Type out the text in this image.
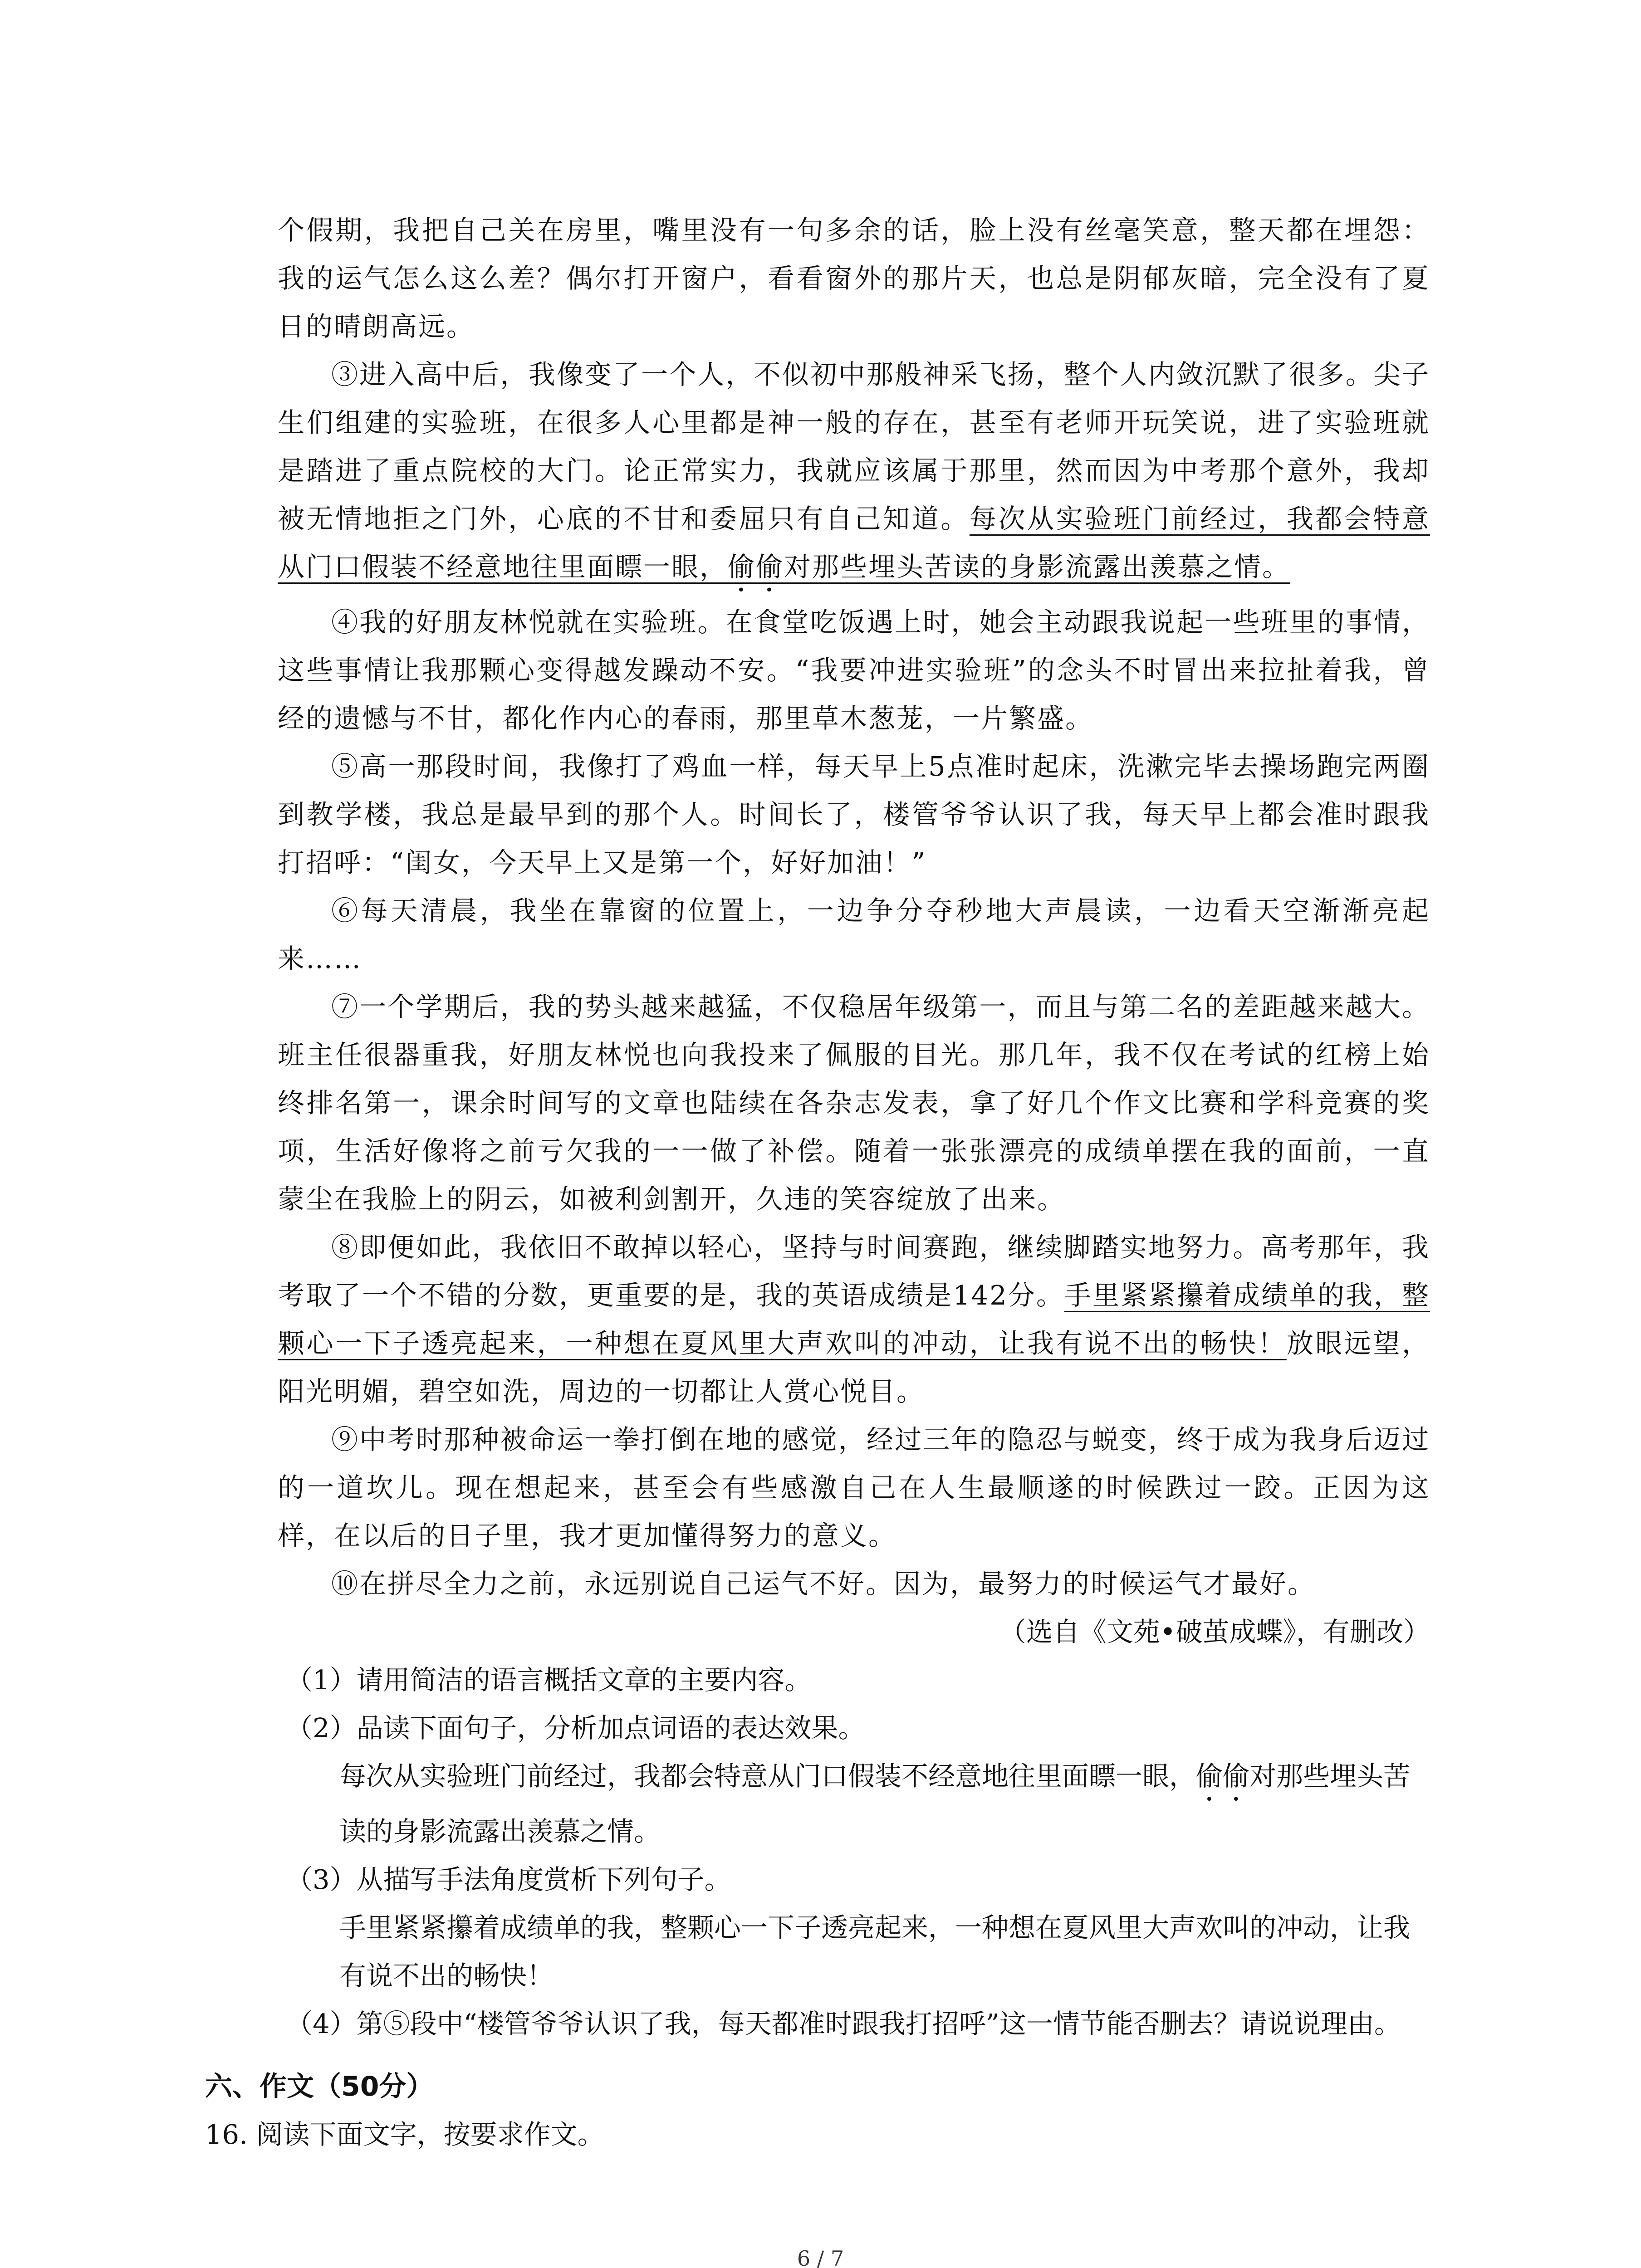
个假期，我把自己关在房里，嘴里没有一句多余的话，脸上没有丝毫笑意，整天都在埋怨：我的运气怎么这么差？偶尔打开窗户，看看窗外的那片天，也总是阴郁灰暗，完全没有了夏日的晴朗高远。

③进入高中后，我像变了一个人，不似初中那般神采飞扬，整个人内敛沉默了很多。尖子生们组建的实验班，在很多人心里都是神一般的存在，甚至有老师开玩笑说，进了实验班就是踏进了重点院校的大门。论正常实力，我就应该属于那里，然而因为中考那个意外，我却被无情地拒之门外，心底的不甘和委屈只有自己知道。每次从实验班门前经过，我都会特意从门口假装不经意地往里面瞟一眼，偷偷对那些埋头苦读的身影流露出羡慕之情。

④我的好朋友林悦就在实验班。在食堂吃饭遇上时，她会主动跟我说起一些班里的事情，这些事情让我那颗心变得越发躁动不安。“我要冲进实验班”的念头不时冒出来拉扯着我，曾经的遗憾与不甘，都化作内心的春雨，那里草木葱茏，一片繁盛。

⑤高一那段时间，我像打了鸡血一样，每天早上5点准时起床，洗漱完毕去操场跑完两圈到教学楼，我总是最早到的那个人。时间长了，楼管爷爷认识了我，每天早上都会准时跟我打招呼：“闺女，今天早上又是第一个，好好加油！”

⑥每天清晨，我坐在靠窗的位置上，一边争分夺秒地大声晨读，一边看天空渐渐亮起来……

⑦一个学期后，我的势头越来越猛，不仅稳居年级第一，而且与第二名的差距越来越大。班主任很器重我，好朋友林悦也向我投来了佩服的目光。那几年，我不仅在考试的红榜上始终排名第一，课余时间写的文章也陆续在各杂志发表，拿了好几个作文比赛和学科竞赛的奖项，生活好像将之前亏欠我的一一做了补偿。随着一张张漂亮的成绩单摆在我的面前，一直蒙尘在我脸上的阴云，如被利剑割开，久违的笑容绽放了出来。

⑧即便如此，我依旧不敢掉以轻心，坚持与时间赛跑，继续脚踏实地努力。高考那年，我考取了一个不错的分数，更重要的是，我的英语成绩是142分。手里紧紧攥着成绩单的我，整颗心一下子透亮起来，一种想在夏风里大声欢叫的冲动，让我有说不出的畅快！放眼远望，阳光明媚，碧空如洗，周边的一切都让人赏心悦目。

⑨中考时那种被命运一拳打倒在地的感觉，经过三年的隐忍与蜕变，终于成为我身后迈过的一道坎儿。现在想起来，甚至会有些感激自己在人生最顺遂的时候跌过一跤。正因为这样，在以后的日子里，我才更加懂得努力的意义。

⑩在拼尽全力之前，永远别说自己运气不好。因为，最努力的时候运气才最好。

（选自《文苑•破茧成蝶》，有删改）

（1）请用简洁的语言概括文章的主要内容。

（2）品读下面句子，分析加点词语的表达效果。

每次从实验班门前经过，我都会特意从门口假装不经意地往里面瞟一眼，偷偷对那些埋头苦读的身影流露出羡慕之情。

（3）从描写手法角度赏析下列句子。

手里紧紧攥着成绩单的我，整颗心一下子透亮起来，一种想在夏风里大声欢叫的冲动，让我有说不出的畅快！

（4）第⑤段中“楼管爷爷认识了我，每天都准时跟我打招呼”这一情节能否删去？请说说理由。

六、作文（50分）

16. 阅读下面文字，按要求作文。

6 / 7
